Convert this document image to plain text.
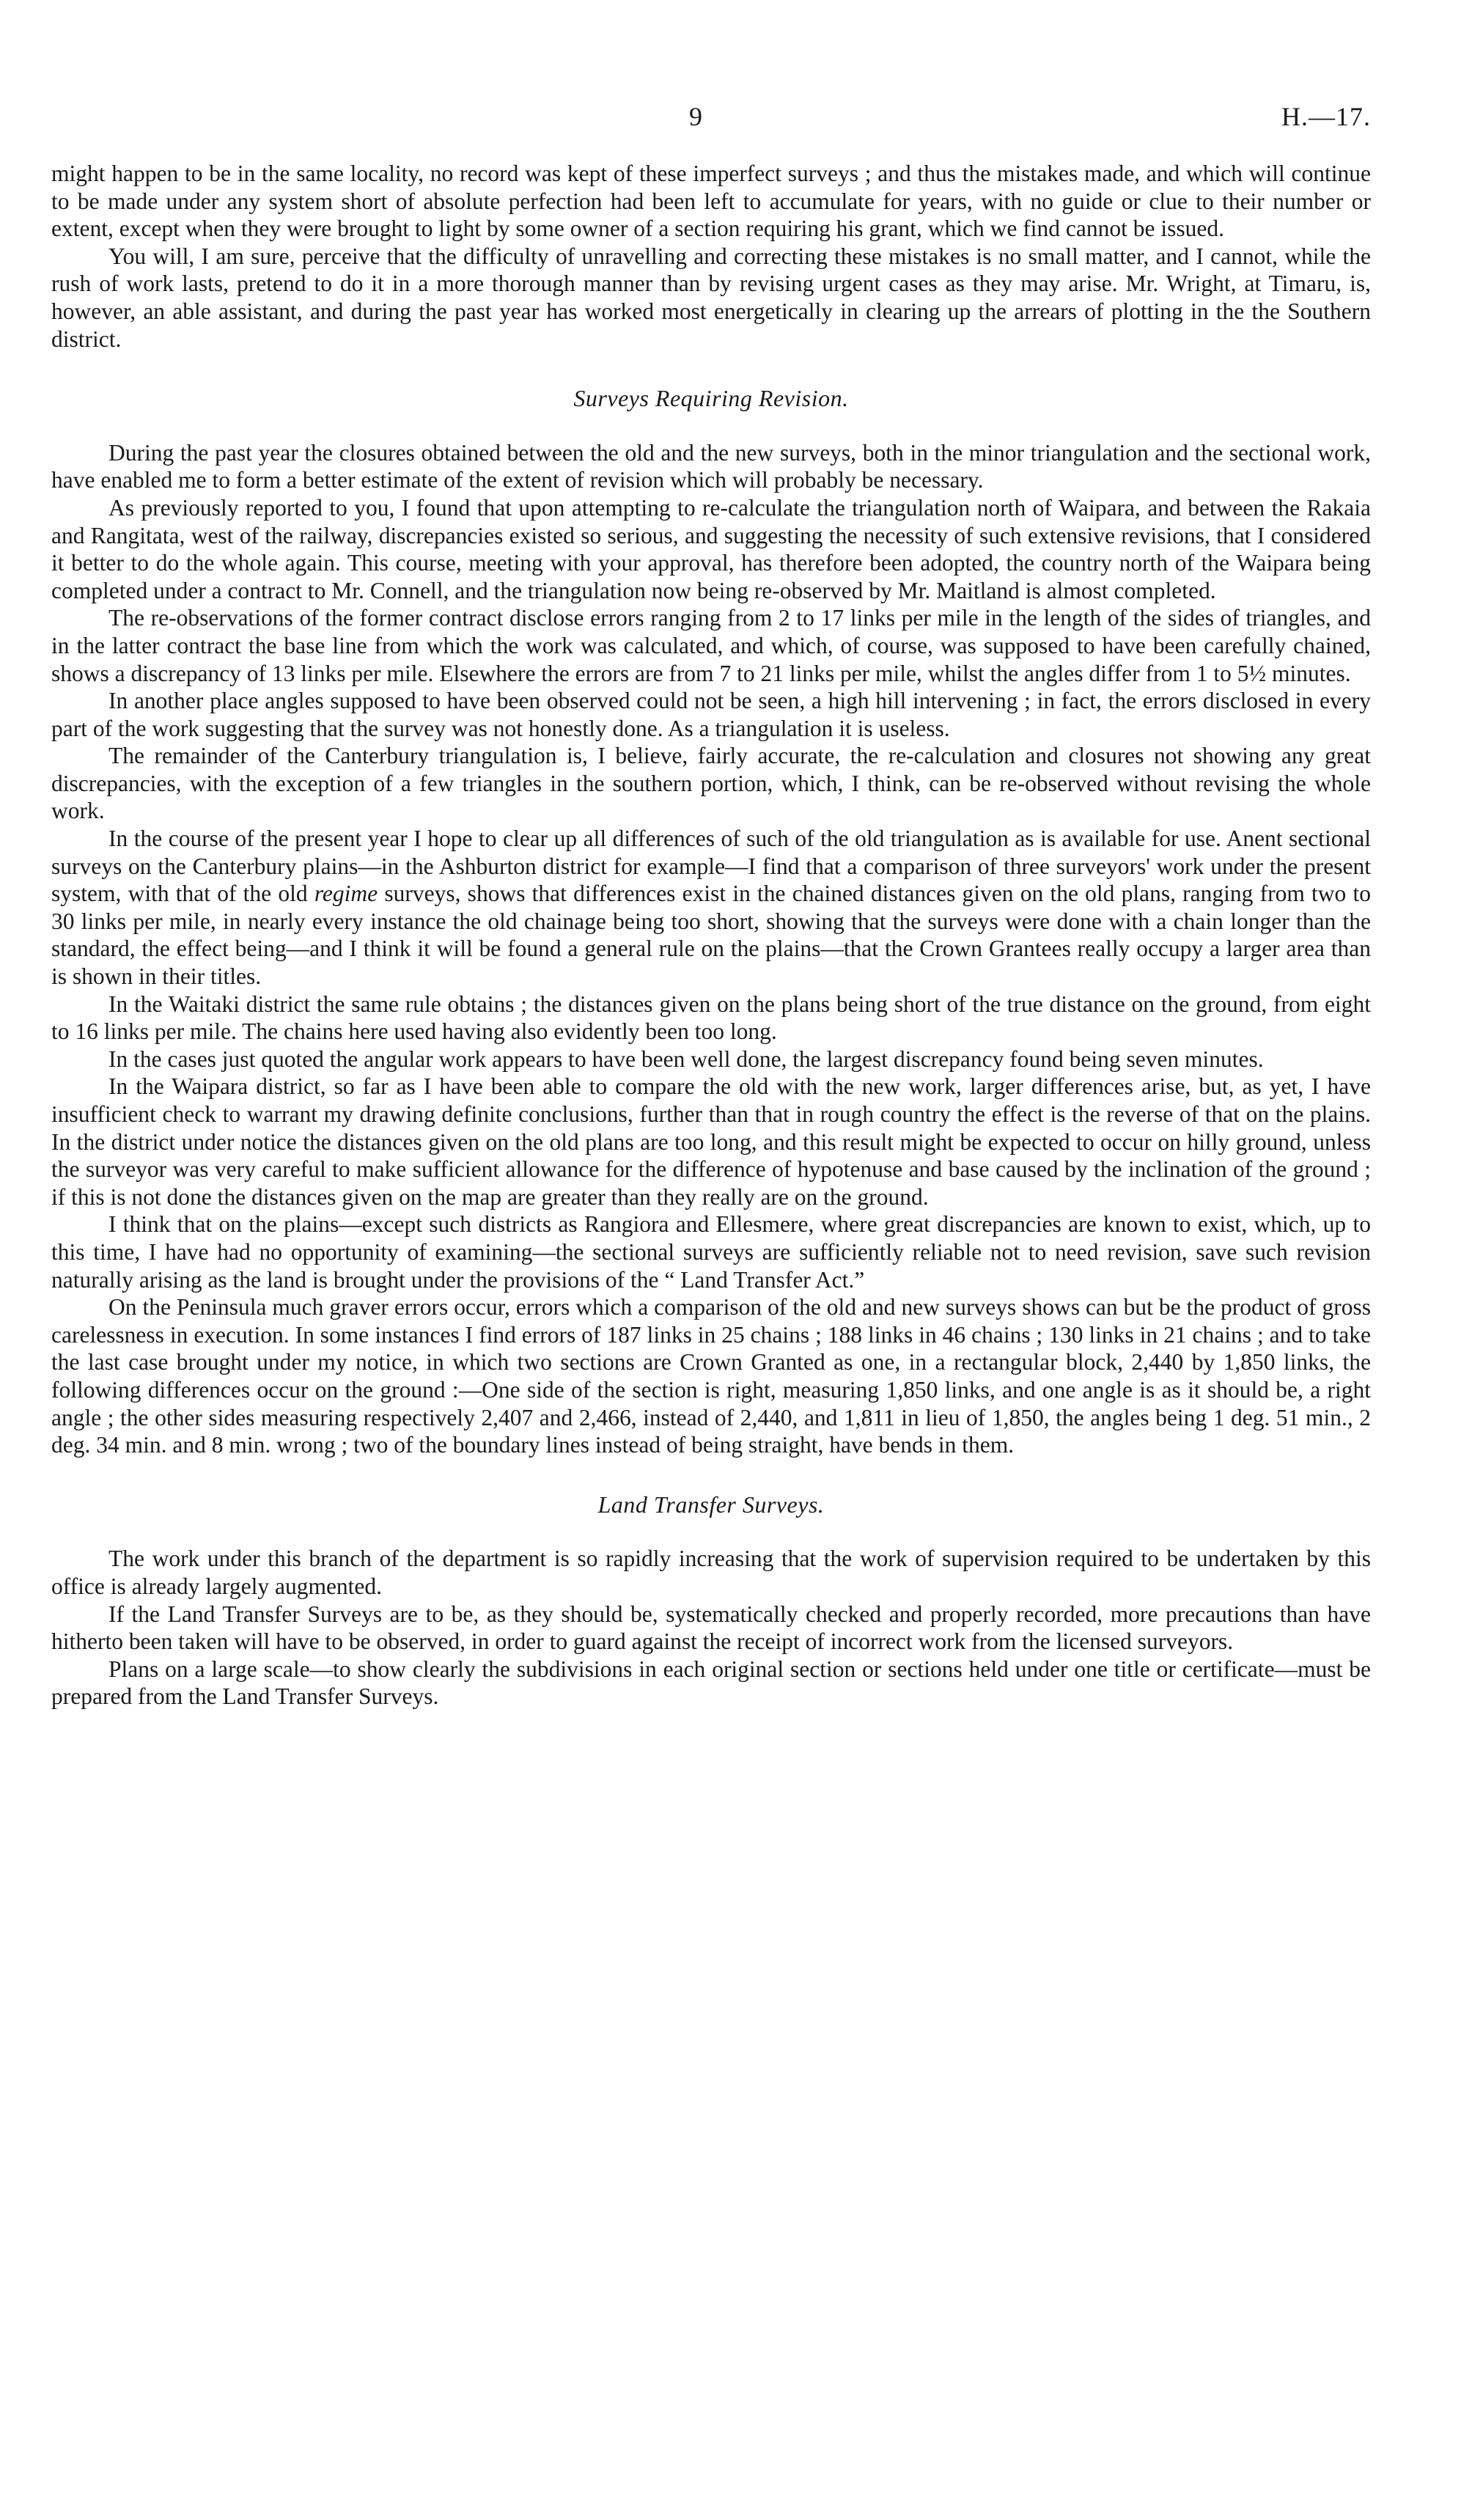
9	H.—17.

might happen to be in the same locality, no record was kept of these imperfect surveys ; and thus the mistakes made, and which will continue to be made under any system short of absolute perfection had been left to accumulate for years, with no guide or clue to their number or extent, except when they were brought to light by some owner of a section requiring his grant, which we find cannot be issued.

You will, I am sure, perceive that the difficulty of unravelling and correcting these mistakes is no small matter, and I cannot, while the rush of work lasts, pretend to do it in a more thorough manner than by revising urgent cases as they may arise. Mr. Wright, at Timaru, is, however, an able assistant, and during the past year has worked most energetically in clearing up the arrears of plotting in the the Southern district.

Surveys Requiring Revision.

During the past year the closures obtained between the old and the new surveys, both in the minor triangulation and the sectional work, have enabled me to form a better estimate of the extent of revision which will probably be necessary.

As previously reported to you, I found that upon attempting to re-calculate the triangulation north of Waipara, and between the Rakaia and Rangitata, west of the railway, discrepancies existed so serious, and suggesting the necessity of such extensive revisions, that I considered it better to do the whole again. This course, meeting with your approval, has therefore been adopted, the country north of the Waipara being completed under a contract to Mr. Connell, and the triangulation now being re-observed by Mr. Maitland is almost completed.

The re-observations of the former contract disclose errors ranging from 2 to 17 links per mile in the length of the sides of triangles, and in the latter contract the base line from which the work was calculated, and which, of course, was supposed to have been carefully chained, shows a discrepancy of 13 links per mile. Elsewhere the errors are from 7 to 21 links per mile, whilst the angles differ from 1 to 5½ minutes.

In another place angles supposed to have been observed could not be seen, a high hill intervening ; in fact, the errors disclosed in every part of the work suggesting that the survey was not honestly done. As a triangulation it is useless.

The remainder of the Canterbury triangulation is, I believe, fairly accurate, the re-calculation and closures not showing any great discrepancies, with the exception of a few triangles in the southern portion, which, I think, can be re-observed without revising the whole work.

In the course of the present year I hope to clear up all differences of such of the old triangulation as is available for use. Anent sectional surveys on the Canterbury plains—in the Ashburton district for example—I find that a comparison of three surveyors' work under the present system, with that of the old regime surveys, shows that differences exist in the chained distances given on the old plans, ranging from two to 30 links per mile, in nearly every instance the old chainage being too short, showing that the surveys were done with a chain longer than the standard, the effect being—and I think it will be found a general rule on the plains—that the Crown Grantees really occupy a larger area than is shown in their titles.

In the Waitaki district the same rule obtains ; the distances given on the plans being short of the true distance on the ground, from eight to 16 links per mile. The chains here used having also evidently been too long.

In the cases just quoted the angular work appears to have been well done, the largest discrepancy found being seven minutes.

In the Waipara district, so far as I have been able to compare the old with the new work, larger differences arise, but, as yet, I have insufficient check to warrant my drawing definite conclusions, further than that in rough country the effect is the reverse of that on the plains. In the district under notice the distances given on the old plans are too long, and this result might be expected to occur on hilly ground, unless the surveyor was very careful to make sufficient allowance for the difference of hypotenuse and base caused by the inclination of the ground ; if this is not done the distances given on the map are greater than they really are on the ground.

I think that on the plains—except such districts as Rangiora and Ellesmere, where great discrepancies are known to exist, which, up to this time, I have had no opportunity of examining—the sectional surveys are sufficiently reliable not to need revision, save such revision naturally arising as the land is brought under the provisions of the “ Land Transfer Act.”

On the Peninsula much graver errors occur, errors which a comparison of the old and new surveys shows can but be the product of gross carelessness in execution. In some instances I find errors of 187 links in 25 chains ; 188 links in 46 chains ; 130 links in 21 chains ; and to take the last case brought under my notice, in which two sections are Crown Granted as one, in a rectangular block, 2,440 by 1,850 links, the following differences occur on the ground :—One side of the section is right, measuring 1,850 links, and one angle is as it should be, a right angle ; the other sides measuring respectively 2,407 and 2,466, instead of 2,440, and 1,811 in lieu of 1,850, the angles being 1 deg. 51 min., 2 deg. 34 min. and 8 min. wrong ; two of the boundary lines instead of being straight, have bends in them.

Land Transfer Surveys.

The work under this branch of the department is so rapidly increasing that the work of supervision required to be undertaken by this office is already largely augmented.

If the Land Transfer Surveys are to be, as they should be, systematically checked and properly recorded, more precautions than have hitherto been taken will have to be observed, in order to guard against the receipt of incorrect work from the licensed surveyors.

Plans on a large scale—to show clearly the subdivisions in each original section or sections held under one title or certificate—must be prepared from the Land Transfer Surveys.
